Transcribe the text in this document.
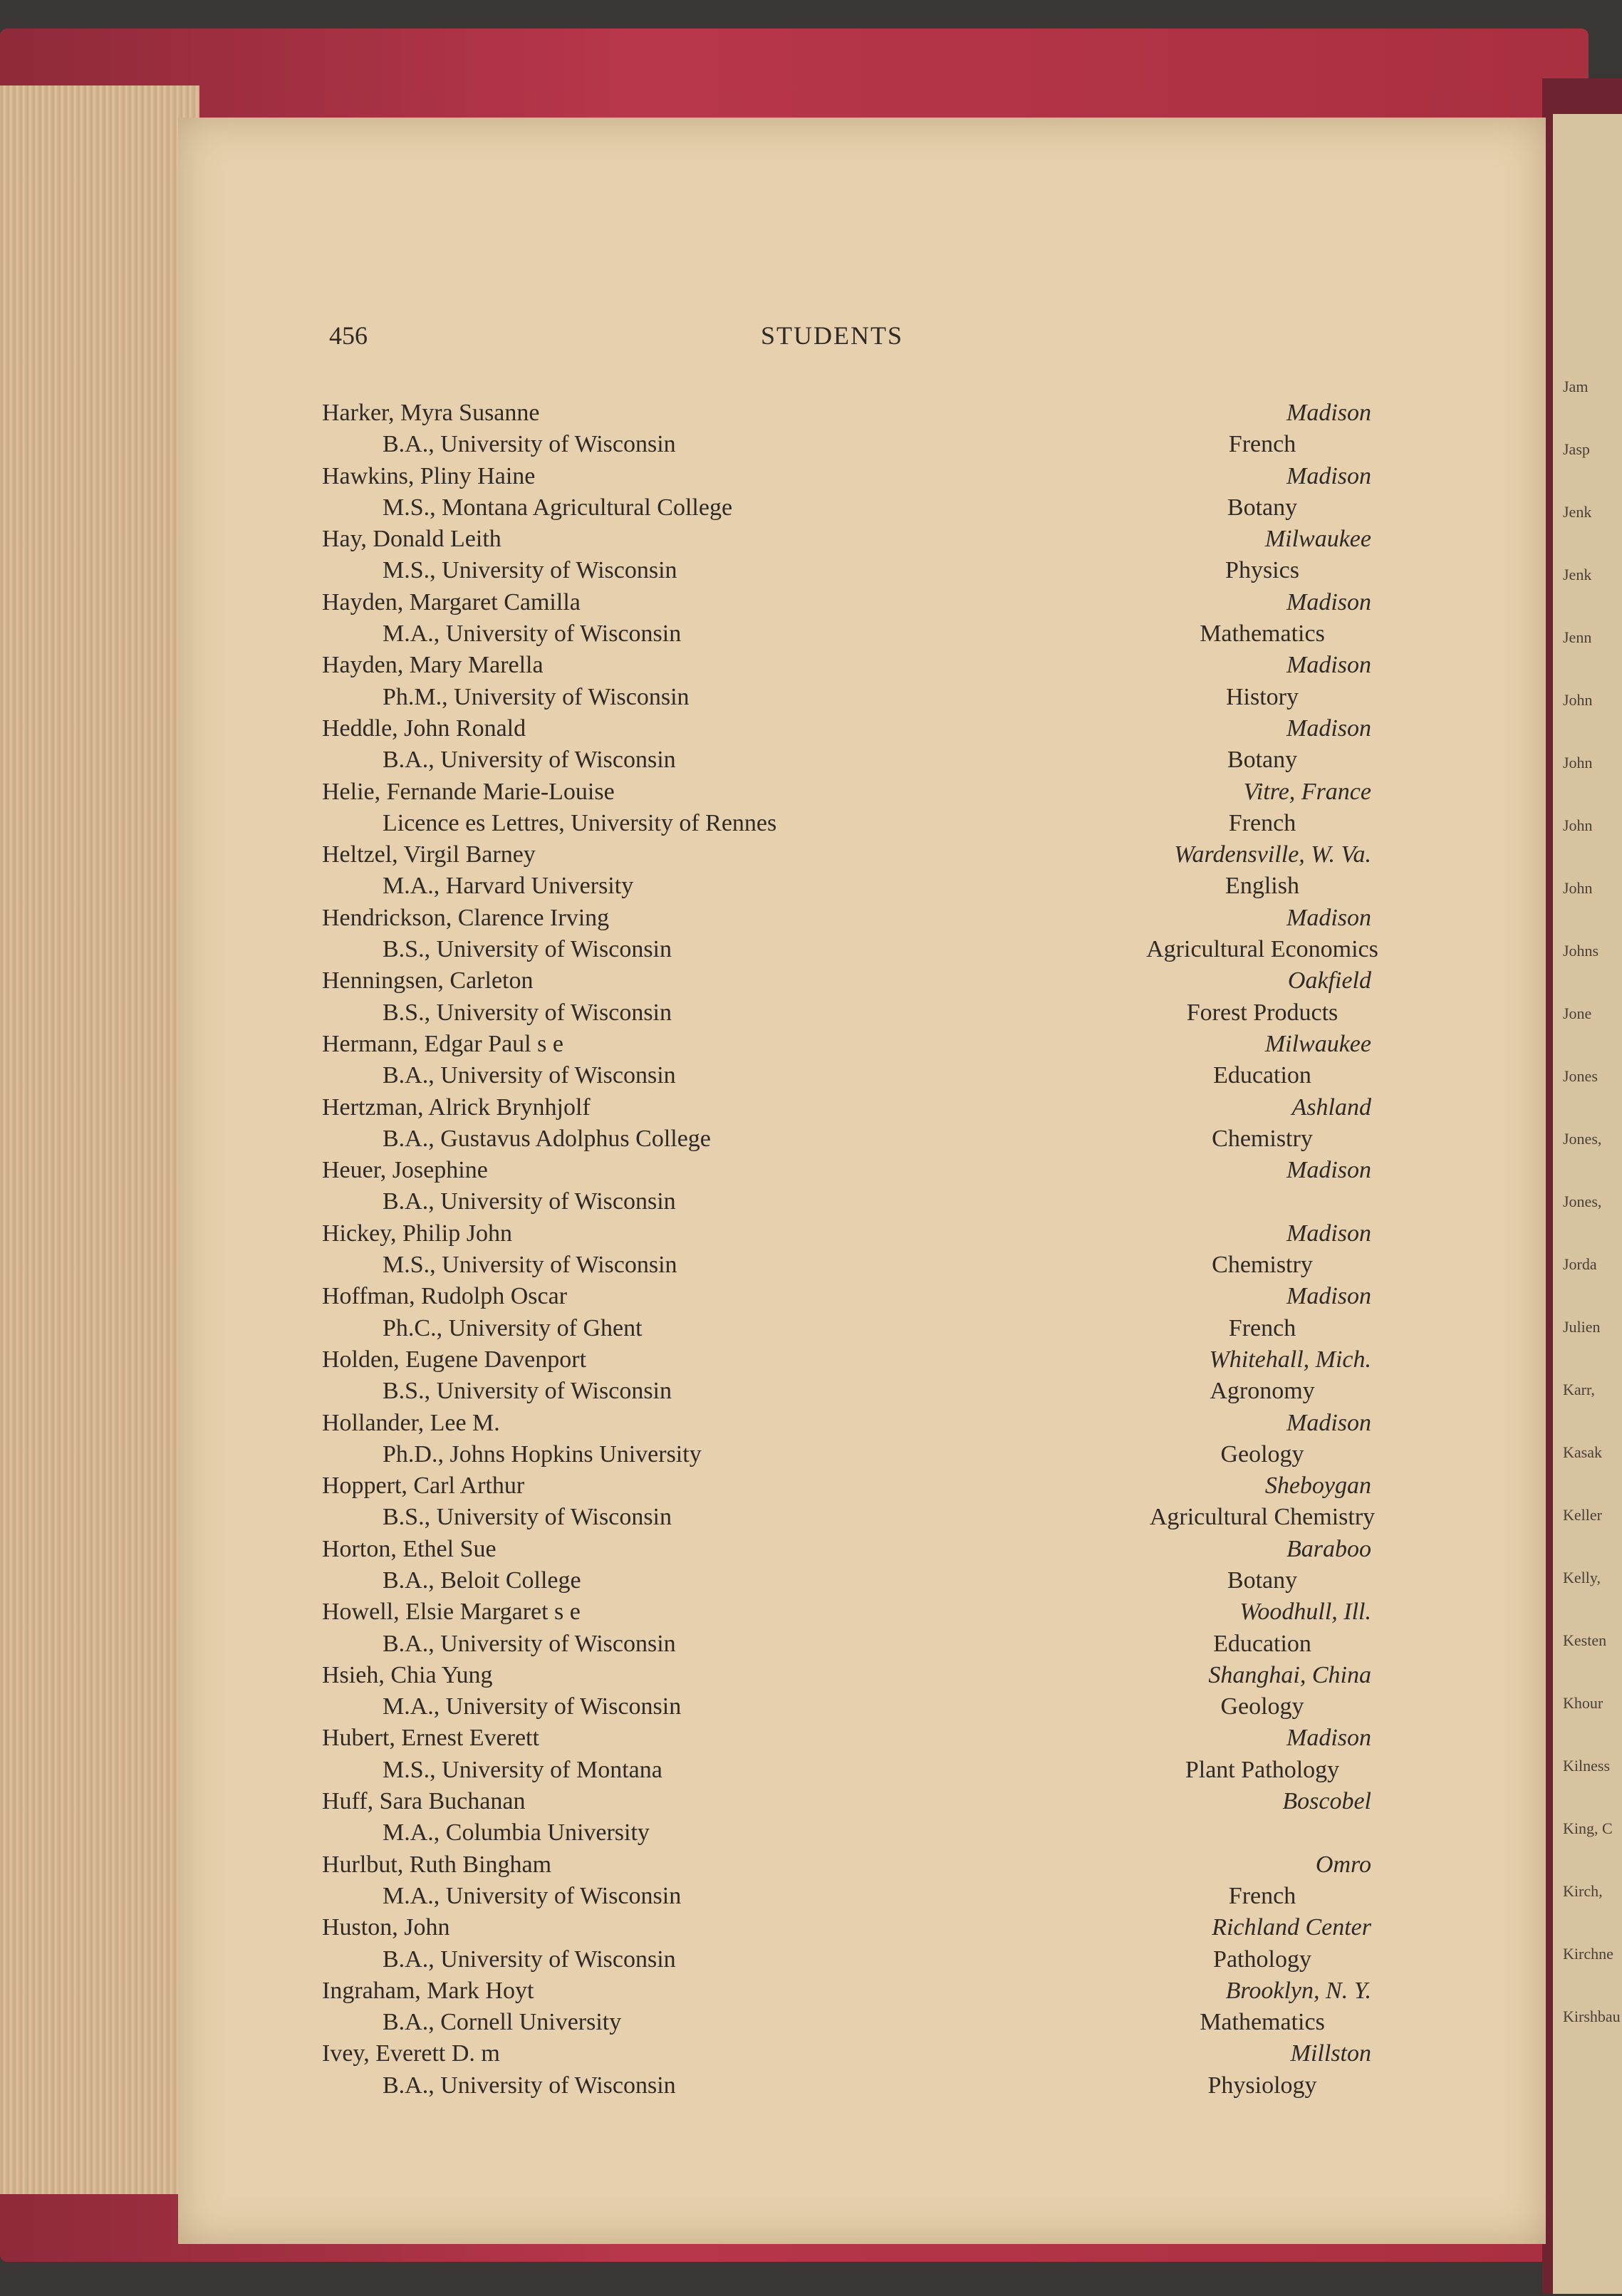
Jam
Jasp
Jenk
Jenk
Jenn
John
John
John
John
Johns
Jone
Jones
Jones,
Jones,
Jorda
Julien
Karr,
Kasak
Keller
Kelly,
Kesten
Khour
Kilness
King, C
Kirch,
Kirchne
Kirshbau
456	STUDENTS
Harker, Myra Susanne	Madison
B.A., University of Wisconsin	French
Hawkins, Pliny Haine	Madison
M.S., Montana Agricultural College	Botany
Hay, Donald Leith	Milwaukee
M.S., University of Wisconsin	Physics
Hayden, Margaret Camilla	Madison
M.A., University of Wisconsin	Mathematics
Hayden, Mary Marella	Madison
Ph.M., University of Wisconsin	History
Heddle, John Ronald	Madison
B.A., University of Wisconsin	Botany
Helie, Fernande Marie-Louise	Vitre, France
Licence es Lettres, University of Rennes	French
Heltzel, Virgil Barney	Wardensville, W. Va.
M.A., Harvard University	English
Hendrickson, Clarence Irving	Madison
B.S., University of Wisconsin	Agricultural Economics
Henningsen, Carleton	Oakfield
B.S., University of Wisconsin	Forest Products
Hermann, Edgar Paul s e	Milwaukee
B.A., University of Wisconsin	Education
Hertzman, Alrick Brynhjolf	Ashland
B.A., Gustavus Adolphus College	Chemistry
Heuer, Josephine	Madison
B.A., University of Wisconsin
Hickey, Philip John	Madison
M.S., University of Wisconsin	Chemistry
Hoffman, Rudolph Oscar	Madison
Ph.C., University of Ghent	French
Holden, Eugene Davenport	Whitehall, Mich.
B.S., University of Wisconsin	Agronomy
Hollander, Lee M.	Madison
Ph.D., Johns Hopkins University	Geology
Hoppert, Carl Arthur	Sheboygan
B.S., University of Wisconsin	Agricultural Chemistry
Horton, Ethel Sue	Baraboo
B.A., Beloit College	Botany
Howell, Elsie Margaret s e	Woodhull, Ill.
B.A., University of Wisconsin	Education
Hsieh, Chia Yung	Shanghai, China
M.A., University of Wisconsin	Geology
Hubert, Ernest Everett	Madison
M.S., University of Montana	Plant Pathology
Huff, Sara Buchanan	Boscobel
M.A., Columbia University
Hurlbut, Ruth Bingham	Omro
M.A., University of Wisconsin	French
Huston, John	Richland Center
B.A., University of Wisconsin	Pathology
Ingraham, Mark Hoyt	Brooklyn, N. Y.
B.A., Cornell University	Mathematics
Ivey, Everett D. m	Millston
B.A., University of Wisconsin	Physiology
